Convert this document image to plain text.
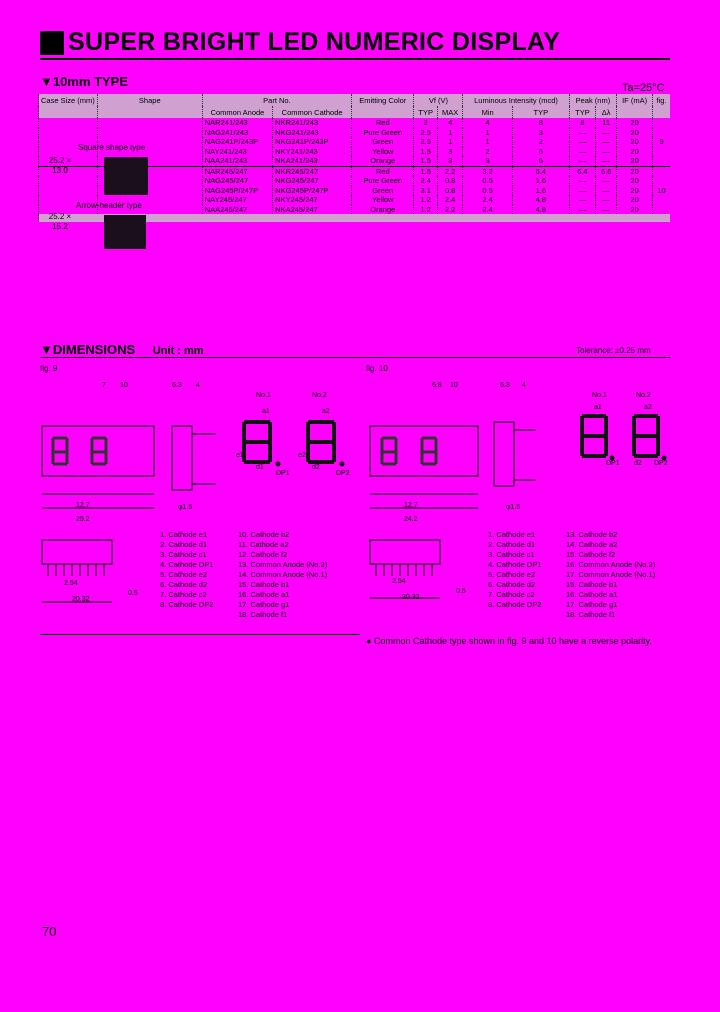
SUPER BRIGHT LED NUMERIC DISPLAY
▼10mm TYPE	Ta=25°C
Case Size (mm)	Shape	Part No.		Emitting Color	Vf (V)		Luminous Intensity (mcd)		Peak (nm)		IF (mA)	fig.
		Common Anode	Common Cathode		TYP	MAX	Min	TYP	TYP	Δλ		
		NAR241/243	NKR241/243	Red	2	4	4	8	8	11	20	
		NAG241/243	NKG241/243	Pure Green	2.5	1	1	3	—	—	20	
		NAG241P/243P	NKG241P/243P	Green	2.5	1	1	2	—	—	20	9
		NAY241/243	NKY241/243	Yellow	1.5	3	2	6	—	—	20	
		NAA241/243	NKA241/243	Orange	1.5	3	3	6	—	—	20	
		NAR245/247	NKR245/247	Red	1.5	2.2	3.2	6.4	6.4	6.6	20	
		NAG245/247	NKG245/247	Pure Green	2.4	0.8	0.5	1.6	—	—	20	
		NAG245P/247P	NKG245P/247P	Green	3.1	0.8	0.5	1.6	—	—	20	10
		NAY245/247	NKY245/247	Yellow	1.2	2.4	2.4	4.8	—	—	20	
		NAA245/247	NKA245/247	Orange	1.2	2.2	2.4	4.8	—	—	20	

25.2 × 13.0
25.2 × 15.2
Square shape type
Arrow-header type
▼DIMENSIONS Unit : mm	Tolerance: ±0.25 mm
fig. 9	fig. 10
7 10	6.3 4
12.7
25.2
20.32
0.5
2.54
φ1.5
No.1	No.2
a1	a2
e1
d1
DP1
e2
d2
DP2
1. Cathode e1
2. Cathode d1
3. Cathode c1
4. Cathode DP1
5. Cathode e2
6. Cathode d2
7. Cathode c2
8. Cathode DP2
10. Cathode b2
11. Cathode a2
12. Cathode f2
13. Common Anode (No.2)
14. Common Anode (No.1)
15. Cathode b1
16. Cathode a1
17. Cathode g1
18. Cathode f1
6.8 10	6.3 4
12.7
24.2
20.32
0.5
2.54
φ1.5
No.1	No.2
a1	a2
DP1 d2 DP2
1. Cathode e1
2. Cathode d1
3. Cathode c1
4. Cathode DP1
5. Cathode e2
6. Cathode d2
7. Cathode c2
8. Cathode DP2
13. Cathode b2
14. Cathode a2
15. Cathode f2
16. Common Anode (No.2)
17. Common Anode (No.1)
15. Cathode b1
16. Cathode a1
17. Cathode g1
18. Cathode f1
● Common Cathode type shown in fig. 9 and 10 have a reverse polarity.
70
